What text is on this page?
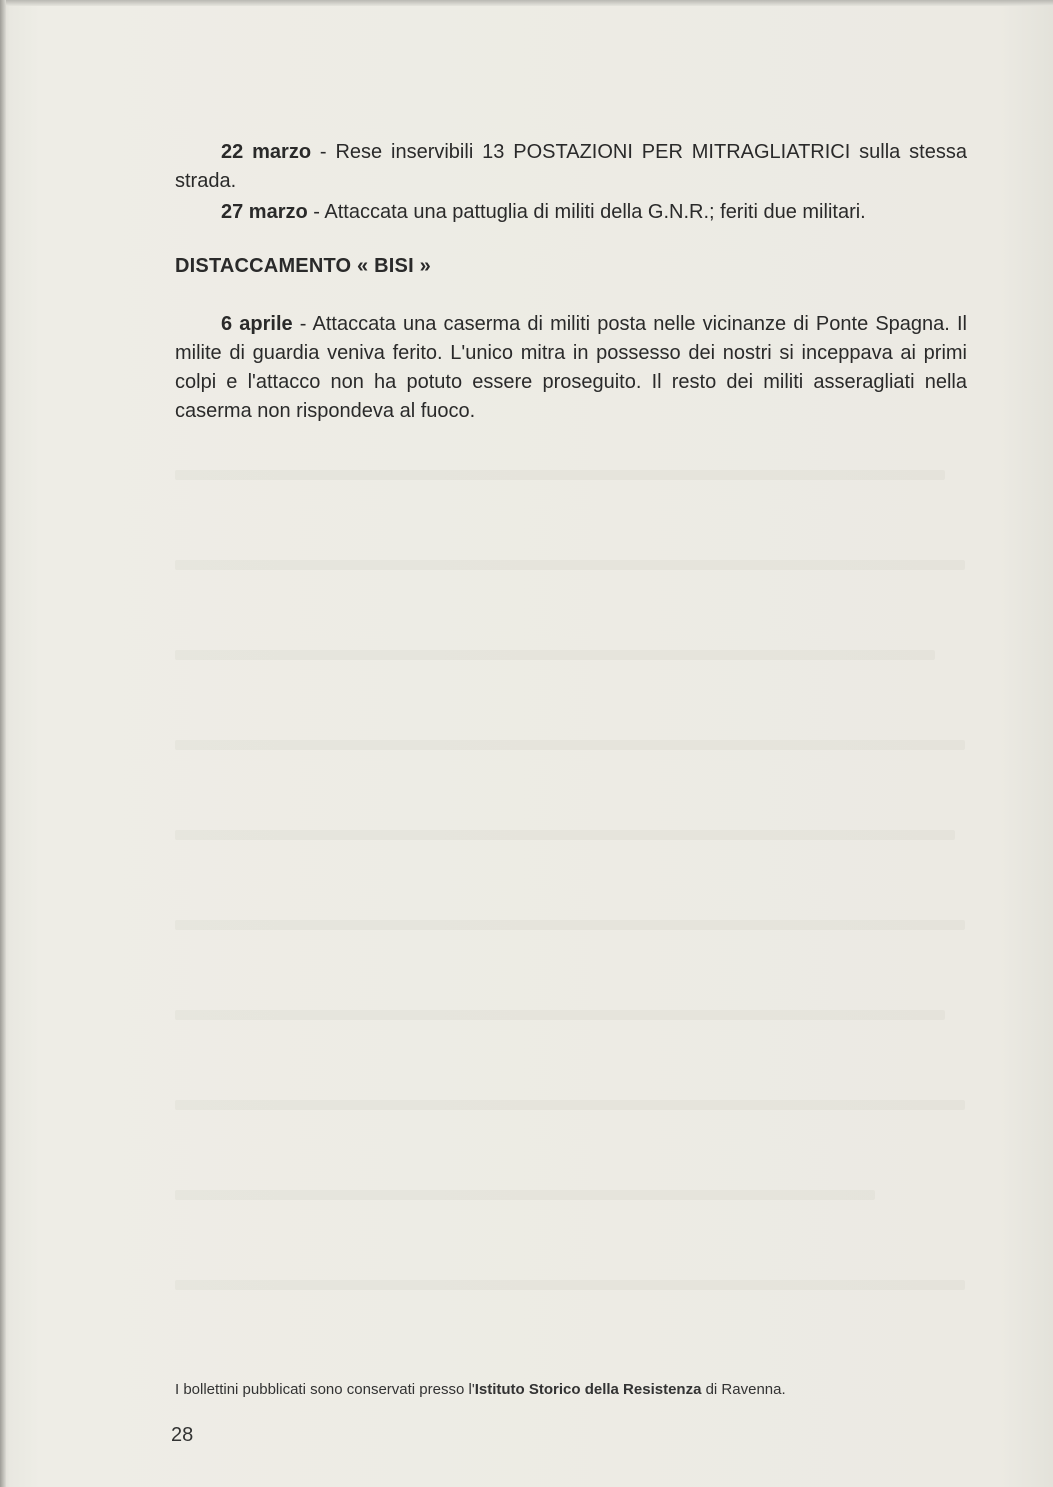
22 marzo - Rese inservibili 13 POSTAZIONI PER MITRAGLIATRICI sulla stessa strada.

27 marzo - Attaccata una pattuglia di militi della G.N.R.; feriti due militari.

DISTACCAMENTO « BISI »

6 aprile - Attaccata una caserma di militi posta nelle vicinanze di Ponte Spagna. Il milite di guardia veniva ferito. L'unico mitra in possesso dei nostri si inceppava ai primi colpi e l'attacco non ha potuto essere proseguito. Il resto dei militi asseragliati nella caserma non rispondeva al fuoco.

I bollettini pubblicati sono conservati presso l'Istituto Storico della Resistenza di Ravenna.
28
